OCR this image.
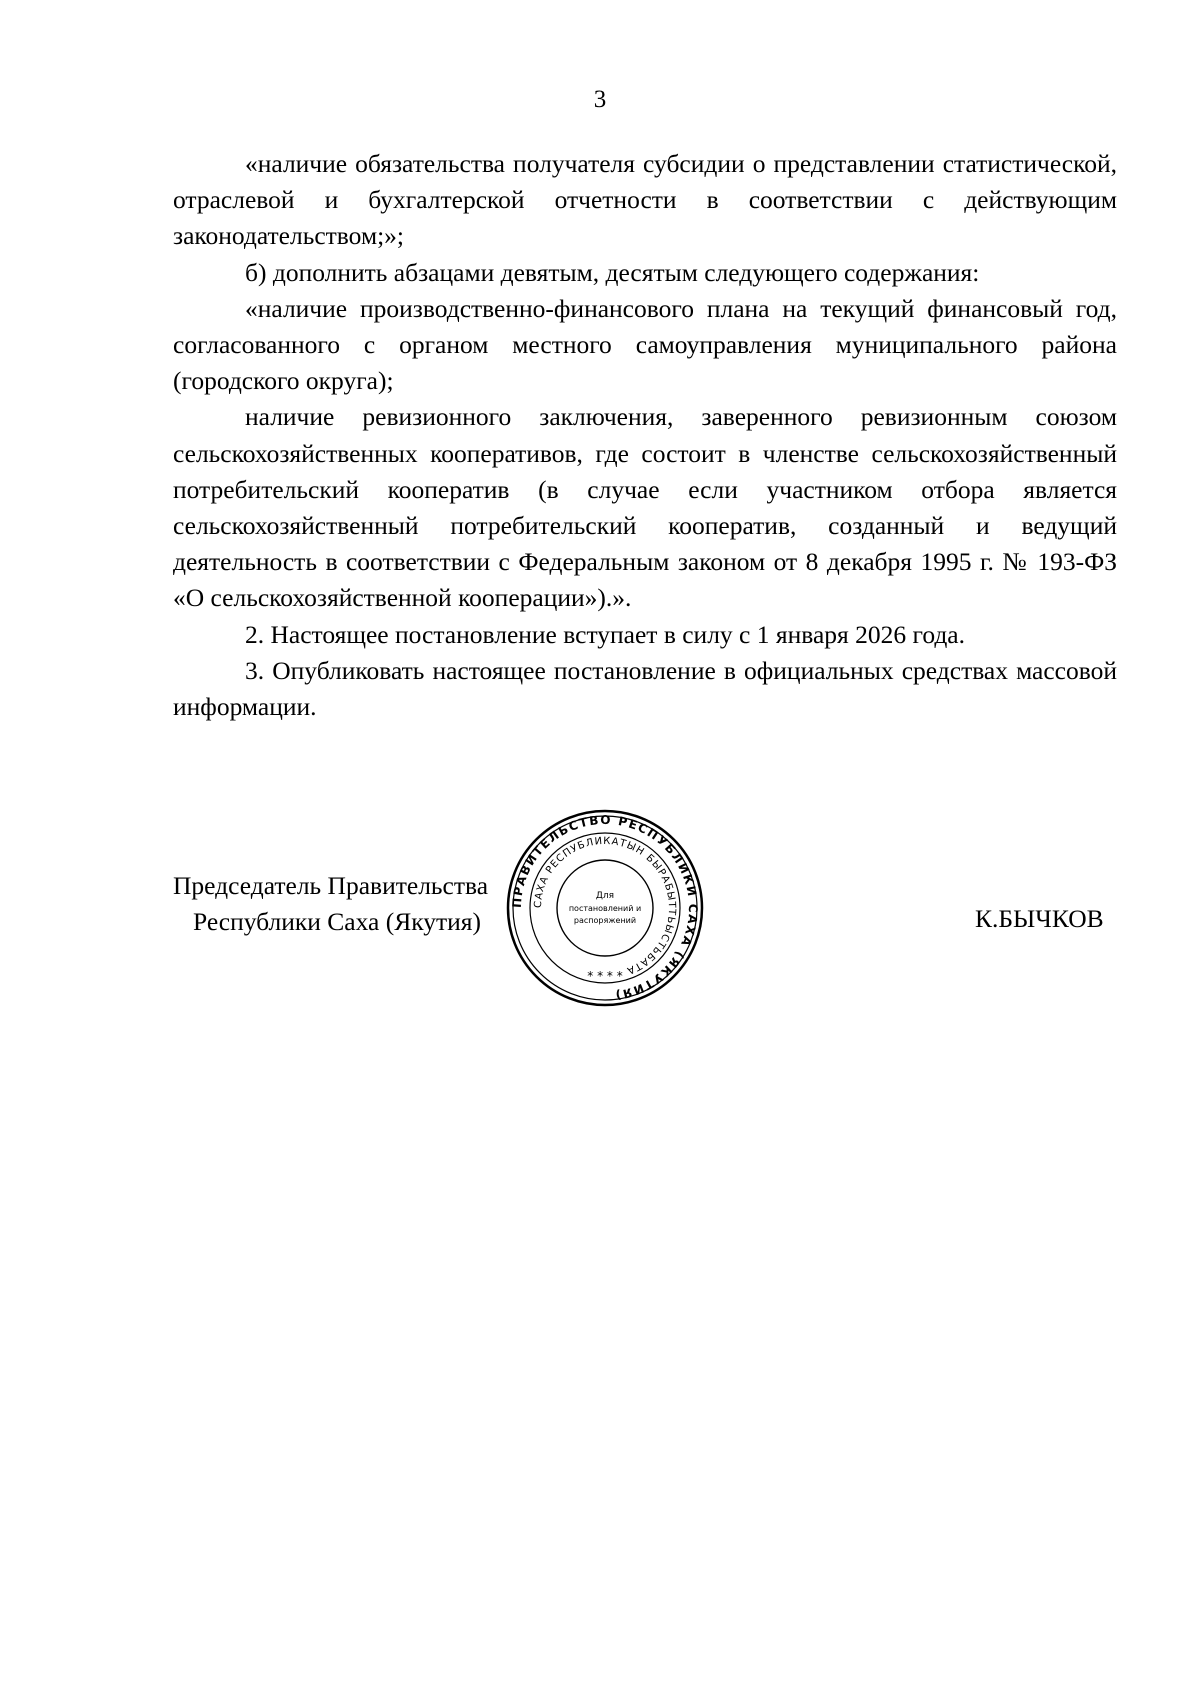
3

«наличие обязательства получателя субсидии о представлении статистической, отраслевой и бухгалтерской отчетности в соответствии с действующим законодательством;»;

б) дополнить абзацами девятым, десятым следующего содержания:

«наличие производственно-финансового плана на текущий финансовый год, согласованного с органом местного самоуправления муниципального района (городского округа);

наличие ревизионного заключения, заверенного ревизионным союзом сельскохозяйственных кооперативов, где состоит в членстве сельскохозяйственный потребительский кооператив (в случае если участником отбора является сельскохозяйственный потребительский кооператив, созданный и ведущий деятельность в соответствии с Федеральным законом от 8 декабря 1995 г. № 193-ФЗ

«О сельскохозяйственной кооперации»).».

2. Настоящее постановление вступает в силу с 1 января 2026 года.

3. Опубликовать настоящее постановление в официальных средствах массовой информации.

Председатель Правительства
Республики Саха (Якутия)	К.БЫЧКОВ
ПРАВИТЕЛЬСТВО РЕСПУБЛИКИ САХА (ЯКУТИЯ)
САХА РЕСПУБЛИКАТЫН БЫРАБЫТТЬЫСТЬБАТА
Для
постановлений и
распоряжений
* * * *
